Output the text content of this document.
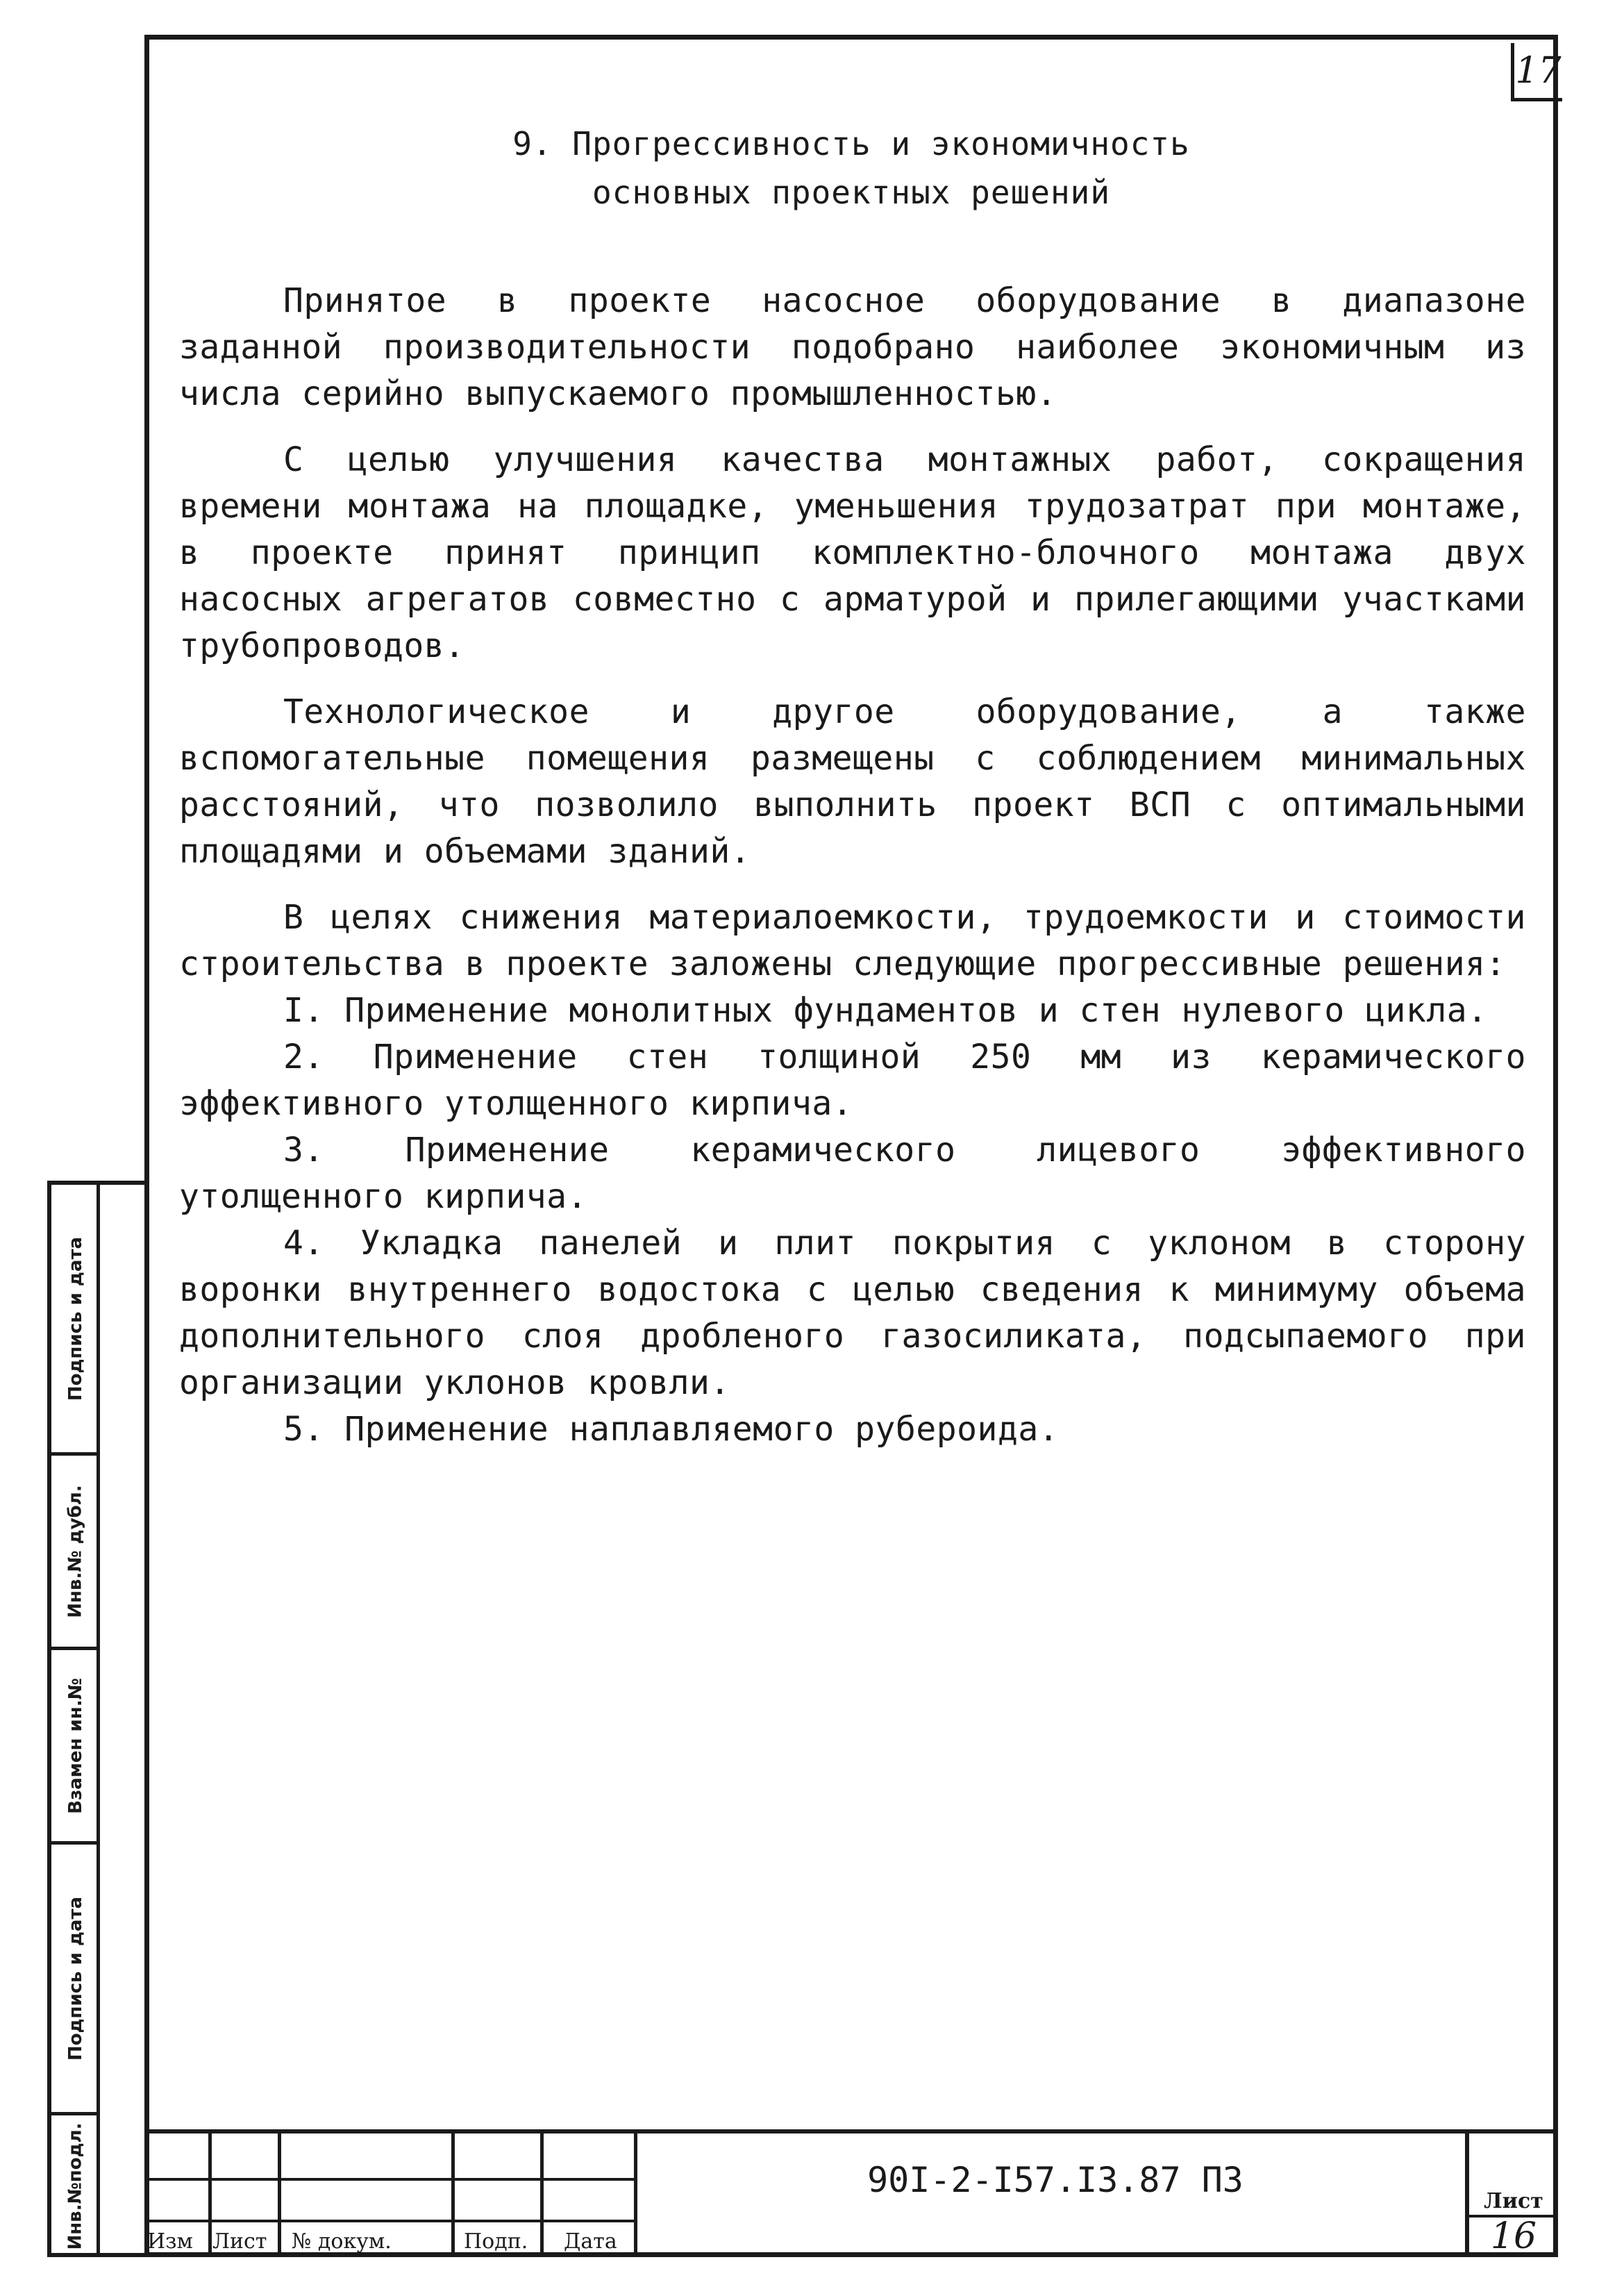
17
9. Прогрессивность и экономичность
основных проектных решений

Принятое в проекте насосное оборудование в диапазоне заданной производительности подобрано наиболее экономичным из числа серийно выпускаемого промышленностью.

С целью улучшения качества монтажных работ, сокращения времени монтажа на площадке, уменьшения трудозатрат при монтаже, в проекте принят принцип комплектно-блочного монтажа двух насосных агрегатов совместно с арматурой и прилегающими участками трубопроводов.

Технологическое и другое оборудование, а также вспомогательные помещения размещены с соблюдением минимальных расстояний, что позволило выполнить проект ВСП с оптимальными площадями и объемами зданий.

В целях снижения материалоемкости, трудоемкости и стоимости строительства в проекте заложены следующие прогрессивные решения:

I. Применение монолитных фундаментов и стен нулевого цикла.

2. Применение стен толщиной 250 мм из керамического эффективного утолщенного кирпича.

3. Применение керамического лицевого эффективного утолщенного кирпича.

4. Укладка панелей и плит покрытия с уклоном в сторону воронки внутреннего водостока с целью сведения к минимуму объема дополнительного слоя дробленого газосиликата, подсыпаемого при организации уклонов кровли.

5. Применение наплавляемого рубероида.

Подпись и дата
Инв.№ дубл.
Взамен ин.№
Подпись и дата
Инв.№подл.	Изм Лист № докум.	Подп. Дата
90I-2-I57.I3.87 ПЗ
Лист
16
